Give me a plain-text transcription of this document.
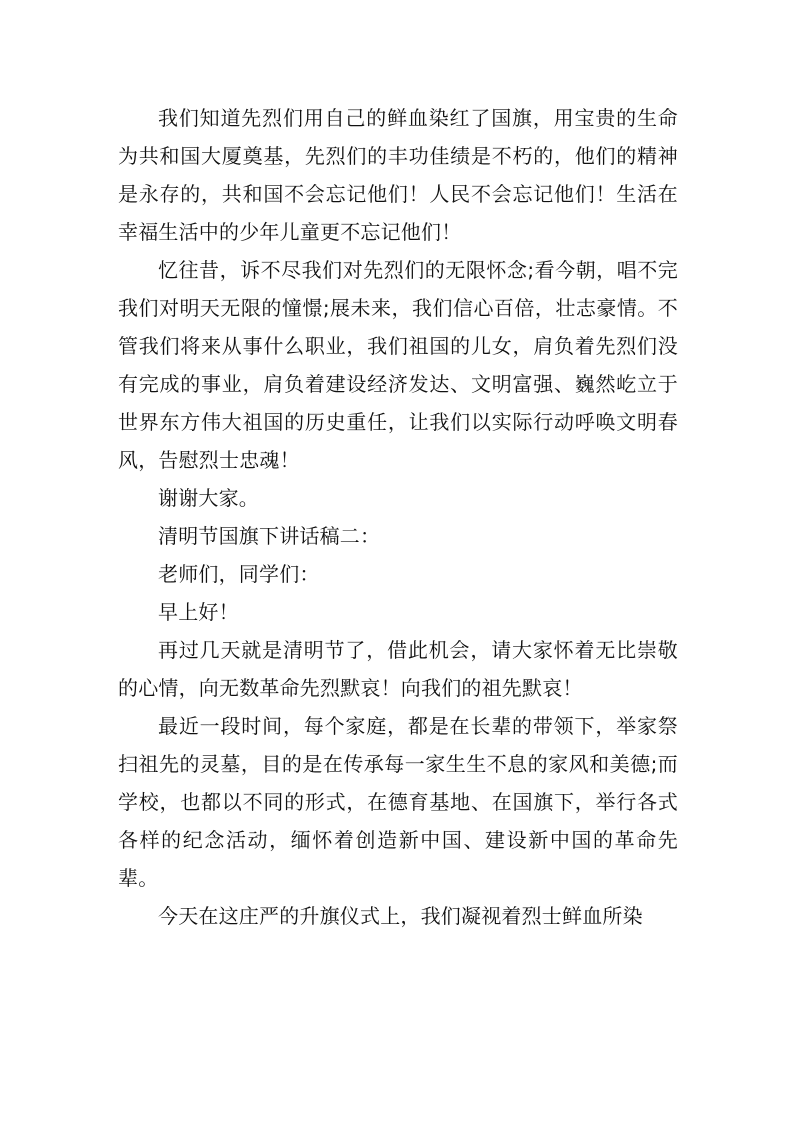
我们知道先烈们用自己的鲜血染红了国旗，用宝贵的生命为共和国大厦奠基，先烈们的丰功佳绩是不朽的，他们的精神是永存的，共和国不会忘记他们！人民不会忘记他们！生活在幸福生活中的少年儿童更不忘记他们！

忆往昔，诉不尽我们对先烈们的无限怀念;看今朝，唱不完我们对明天无限的憧憬;展未来，我们信心百倍，壮志豪情。不管我们将来从事什么职业，我们祖国的儿女，肩负着先烈们没有完成的事业，肩负着建设经济发达、文明富强、巍然屹立于世界东方伟大祖国的历史重任，让我们以实际行动呼唤文明春风，告慰烈士忠魂！

谢谢大家。

清明节国旗下讲话稿二：

老师们，同学们：

早上好！

再过几天就是清明节了，借此机会，请大家怀着无比崇敬的心情，向无数革命先烈默哀！向我们的祖先默哀！

最近一段时间，每个家庭，都是在长辈的带领下，举家祭扫祖先的灵墓，目的是在传承每一家生生不息的家风和美德;而学校，也都以不同的形式，在德育基地、在国旗下，举行各式各样的纪念活动，缅怀着创造新中国、建设新中国的革命先辈。

今天在这庄严的升旗仪式上，我们凝视着烈士鲜血所染
